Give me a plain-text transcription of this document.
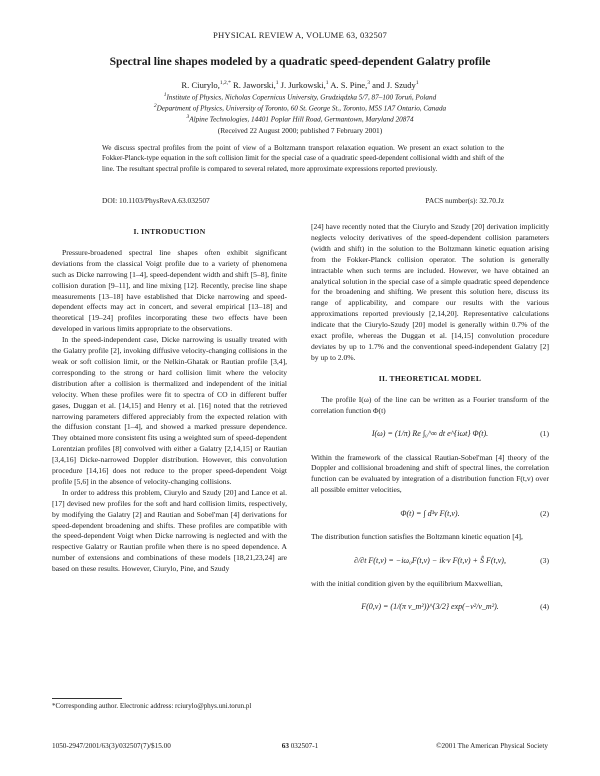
PHYSICAL REVIEW A, VOLUME 63, 032507
Spectral line shapes modeled by a quadratic speed-dependent Galatry profile
R. Ciurylo,$^{1,2,*}$ R. Jaworski,$^1$ J. Jurkowski,$^1$ A. S. Pine,$^3$ and J. Szudy$^1$
$^1$Institute of Physics, Nicholas Copernicus University, Grudziądzka 5/7, 87–100 Toruń, Poland
$^2$Department of Physics, University of Toronto, 60 St. George St., Toronto, M5S 1A7 Ontario, Canada
$^3$Alpine Technologies, 14401 Poplar Hill Road, Germantown, Maryland 20874
(Received 22 August 2000; published 7 February 2001)
We discuss spectral profiles from the point of view of a Boltzmann transport relaxation equation. We present an exact solution to the Fokker-Planck-type equation in the soft collision limit for the special case of a quadratic speed-dependent collisional width and shift of the line. The resultant spectral profile is compared to several related, more approximate expressions reported previously.
DOI: 10.1103/PhysRevA.63.032507	PACS number(s): 32.70.Jz
I. INTRODUCTION

Pressure-broadened spectral line shapes often exhibit significant deviations from the classical Voigt profile due to a variety of phenomena such as Dicke narrowing [1–4], speed-dependent width and shift [5–8], finite collision duration [9–11], and line mixing [12]. Recently, precise line shape measurements [13–18] have established that Dicke narrowing and speed-dependent effects may act in concert, and several empirical [13–18] and theoretical [19–24] profiles incorporating these two effects have been developed in various limits appropriate to the observations.

In the speed-independent case, Dicke narrowing is usually treated with the Galatry profile [2], invoking diffusive velocity-changing collisions in the weak or soft collision limit, or the Nelkin-Ghatak or Rautian profile [3,4], corresponding to the strong or hard collision limit where the velocity distribution after a collision is thermalized and independent of the initial velocity. When these profiles were fit to spectra of CO in different buffer gases, Duggan et al. [14,15] and Henry et al. [16] noted that the retrieved narrowing parameters differed appreciably from the expected relation with the diffusion constant [1–4], and showed a marked pressure dependence. They obtained more consistent fits using a weighted sum of speed-dependent Lorentzian profiles [8] convolved with either a Galatry [2,14,15] or Rautian [3,4,16] Dicke-narrowed Doppler distribution. However, this convolution procedure [14,16] does not reduce to the proper speed-dependent Voigt profile [5,6] in the absence of velocity-changing collisions.

In order to address this problem, Ciurylo and Szudy [20] and Lance et al. [17] devised new profiles for the soft and hard collision limits, respectively, by modifying the Galatry [2] and Rautian and Sobel'man [4] derivations for speed-dependent broadening and shifts. These profiles are compatible with the speed-dependent Voigt when Dicke narrowing is neglected and with the respective Galatry or Rautian profile when there is no speed dependence. A number of extensions and combinations of these models [18,21,23,24] are based on these results. However, Ciurylo, Pine, and Szudy

[24] have recently noted that the Ciurylo and Szudy [20] derivation implicitly neglects velocity derivatives of the speed-dependent collision parameters (width and shift) in the solution to the Boltzmann kinetic equation arising from the Fokker-Planck collision operator. The solution is generally intractable when such terms are included. However, we have obtained an analytical solution in the special case of a simple quadratic speed dependence for the broadening and shifting. We present this solution here, discuss its range of applicability, and compare our results with the various approximations reported previously [2,14,20]. Representative calculations indicate that the Ciurylo-Szudy [20] model is generally within 0.7% of the exact profile, whereas the Duggan et al. [14,15] convolution procedure deviates by up to 1.7% and the conventional speed-independent Galatry [2] by up to 2.0%.

II. THEORETICAL MODEL

The profile I(ω) of the line can be written as a Fourier transform of the correlation function Φ(t)

I(ω) = (1/π) Re ∫₀^∞ dt e^{iωt} Φ(t).	(1)

Within the framework of the classical Rautian-Sobel'man [4] theory of the Doppler and collisional broadening and shift of spectral lines, the correlation function can be evaluated by integration of a distribution function F(t,v) over all possible emitter velocities,

Φ(t) = ∫ d³v F(t,v).	(2)

The distribution function satisfies the Boltzmann kinetic equation [4],

∂/∂t F(t,v) = −iω₀F(t,v) − ik·v F(t,v) + Ŝ F(t,v),	(3)

with the initial condition given by the equilibrium Maxwellian,

F(0,v) = (1/(π v_m²))^{3/2} exp(−v²/v_m²).	(4)
*Corresponding author. Electronic address: rciurylo@phys.uni.torun.pl
1050-2947/2001/63(3)/032507(7)/$15.00	63 032507-1	©2001 The American Physical Society
